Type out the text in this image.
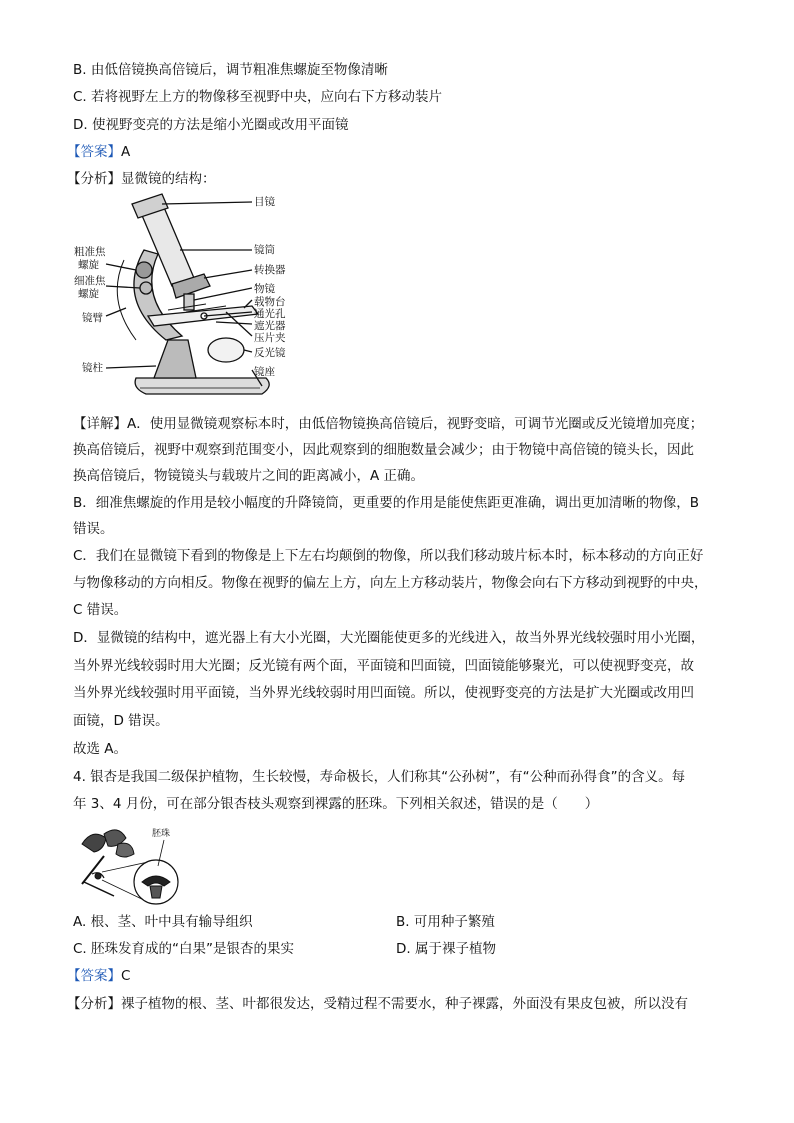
B. 由低倍镜换高倍镜后，调节粗准焦螺旋至物像清晰
C. 若将视野左上方的物像移至视野中央，应向右下方移动装片
D. 使视野变亮的方法是缩小光圈或改用平面镜
【答案】A
【分析】显微镜的结构：
目镜
镜筒
转换器
物镜
载物台
通光孔
遮光器
压片夹
反光镜
镜座
粗准焦
螺旋
细准焦
螺旋
镜臂
镜柱
【详解】A．使用显微镜观察标本时，由低倍物镜换高倍镜后，视野变暗，可调节光圈或反光镜增加亮度；
换高倍镜后，视野中观察到范围变小，因此观察到的细胞数量会减少；由于物镜中高倍镜的镜头长，因此
换高倍镜后，物镜镜头与载玻片之间的距离减小，A 正确。
B．细准焦螺旋的作用是较小幅度的升降镜筒，更重要的作用是能使焦距更准确，调出更加清晰的物像，B
错误。
C．我们在显微镜下看到的物像是上下左右均颠倒的物像，所以我们移动玻片标本时，标本移动的方向正好
与物像移动的方向相反。物像在视野的偏左上方，向左上方移动装片，物像会向右下方移动到视野的中央，
C 错误。
D．显微镜的结构中，遮光器上有大小光圈，大光圈能使更多的光线进入，故当外界光线较强时用小光圈，
当外界光线较弱时用大光圈；反光镜有两个面，平面镜和凹面镜，凹面镜能够聚光，可以使视野变亮，故
当外界光线较强时用平面镜，当外界光线较弱时用凹面镜。所以，使视野变亮的方法是扩大光圈或改用凹
面镜，D 错误。
故选 A。
4. 银杏是我国二级保护植物，生长较慢，寿命极长，人们称其“公孙树”，有“公种而孙得食”的含义。每
年 3、4 月份，可在部分银杏枝头观察到裸露的胚珠。下列相关叙述，错误的是（　　）
胚珠
A. 根、茎、叶中具有输导组织	B. 可用种子繁殖
C. 胚珠发育成的“白果”是银杏的果实	D. 属于裸子植物
【答案】C
【分析】裸子植物的根、茎、叶都很发达，受精过程不需要水，种子裸露，外面没有果皮包被，所以没有
